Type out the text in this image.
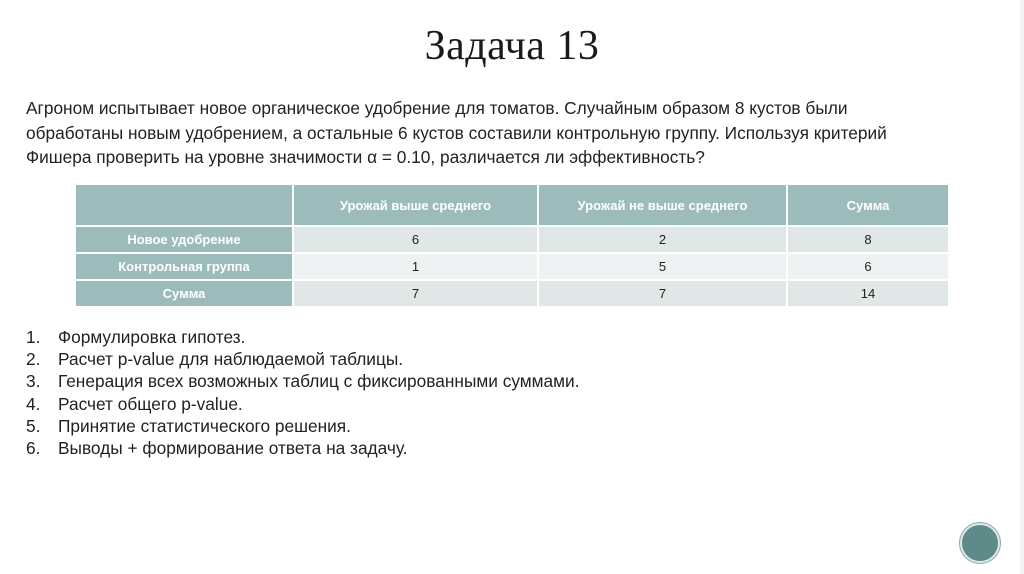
Задача 13
Агроном испытывает новое органическое удобрение для томатов. Случайным образом 8 кустов были
обработаны новым удобрением, а остальные 6 кустов составили контрольную группу. Используя критерий
Фишера проверить на уровне значимости α = 0.10, различается ли эффективность?
	Урожай выше среднего	Урожай не выше среднего	Сумма
Новое удобрение	6	2	8
Контрольная группа	1	5	6
Сумма	7	7	14
1.	Формулировка гипотез.
2.	Расчет p-value для наблюдаемой таблицы.
3.	Генерация всех возможных таблиц с фиксированными суммами.
4.	Расчет общего p-value.
5.	Принятие статистического решения.
6.	Выводы + формирование ответа на задачу.
